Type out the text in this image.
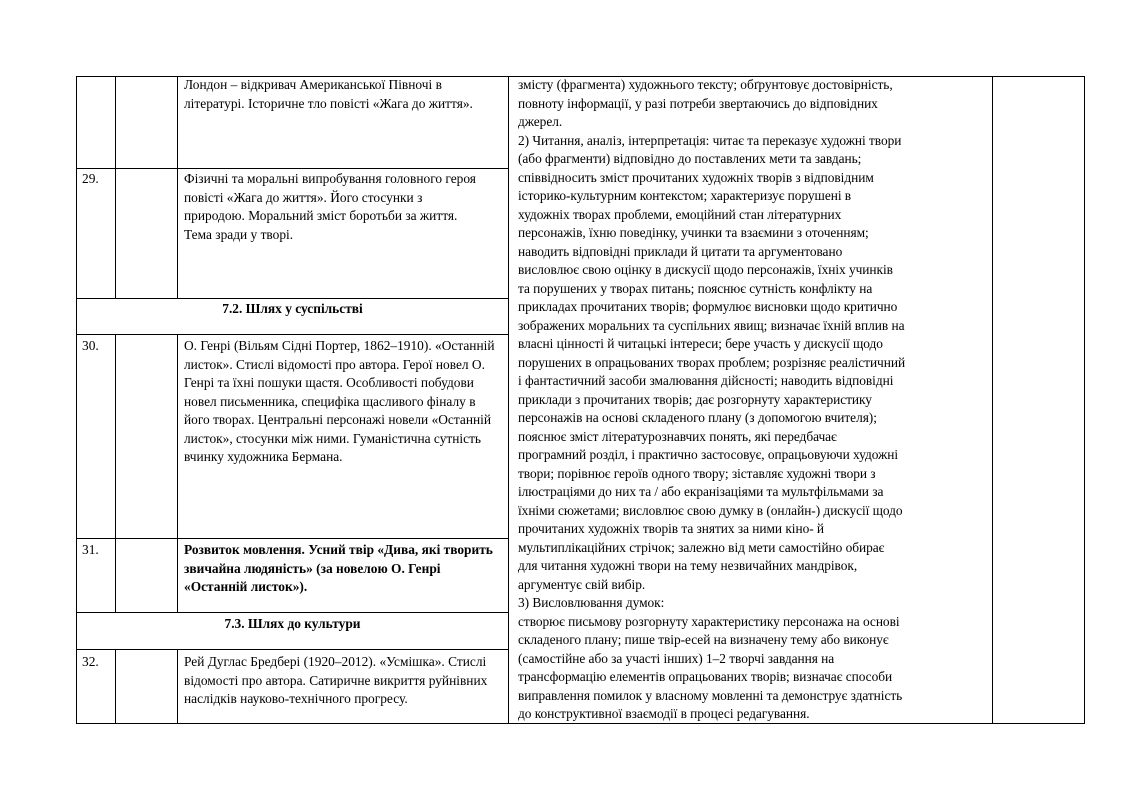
Лондон – відкривач Американської Півночі в літературі. Історичне тло повісті «Жага до життя».
29.	Фізичні та моральні випробування головного героя повісті «Жага до життя». Його стосунки з природою. Моральний зміст боротьби за життя. Тема зради у творі.
7.2. Шлях у суспільстві
30.	О. Генрі (Вільям Сідні Портер, 1862–1910). «Останній листок». Стислі відомості про автора. Герої новел О. Генрі та їхні пошуки щастя. Особливості побудови новел письменника, специфіка щасливого фіналу в його творах. Центральні персонажі новели «Останній листок», стосунки між ними. Гуманістична сутність вчинку художника Бермана.
31.	Розвиток мовлення. Усний твір «Дива, які творить звичайна людяність» (за новелою О. Генрі «Останній листок»).
7.3. Шлях до культури
32.	Рей Дуглас Бредбері (1920–2012). «Усмішка». Стислі відомості про автора. Сатиричне викриття руйнівних наслідків науково-технічного прогресу.
змісту (фрагмента) художнього тексту; обґрунтовує достовірність,
повноту інформації, у разі потреби звертаючись до відповідних
джерел.
2) Читання, аналіз, інтерпретація: читає та переказує художні твори
(або фрагменти) відповідно до поставлених мети та завдань;
співвідносить зміст прочитаних художніх творів з відповідним
історико-культурним контекстом; характеризує порушені в
художніх творах проблеми, емоційний стан літературних
персонажів, їхню поведінку, учинки та взаємини з оточенням;
наводить відповідні приклади й цитати та аргументовано
висловлює свою оцінку в дискусії щодо персонажів, їхніх учинків
та порушених у творах питань; пояснює сутність конфлікту на
прикладах прочитаних творів; формулює висновки щодо критично
зображених моральних та суспільних явищ; визначає їхній вплив на
власні цінності й читацькі інтереси; бере участь у дискусії щодо
порушених в опрацьованих творах проблем; розрізняє реалістичний
і фантастичний засоби змалювання дійсності; наводить відповідні
приклади з прочитаних творів; дає розгорнуту характеристику
персонажів на основі складеного плану (з допомогою вчителя);
пояснює зміст літературознавчих понять, які передбачає
програмний розділ, і практично застосовує, опрацьовуючи художні
твори; порівнює героїв одного твору; зіставляє художні твори з
ілюстраціями до них та / або екранізаціями та мультфільмами за
їхніми сюжетами; висловлює свою думку в (онлайн-) дискусії щодо
прочитаних художніх творів та знятих за ними кіно- й
мультиплікаційних стрічок; залежно від мети самостійно обирає
для читання художні твори на тему незвичайних мандрівок,
аргументує свій вибір.
3) Висловлювання думок:
створює письмову розгорнуту характеристику персонажа на основі
складеного плану; пише твір-есей на визначену тему або виконує
(самостійне або за участі інших) 1–2 творчі завдання на
трансформацію елементів опрацьованих творів; визначає способи
виправлення помилок у власному мовленні та демонструє здатність
до конструктивної взаємодії в процесі редагування.
